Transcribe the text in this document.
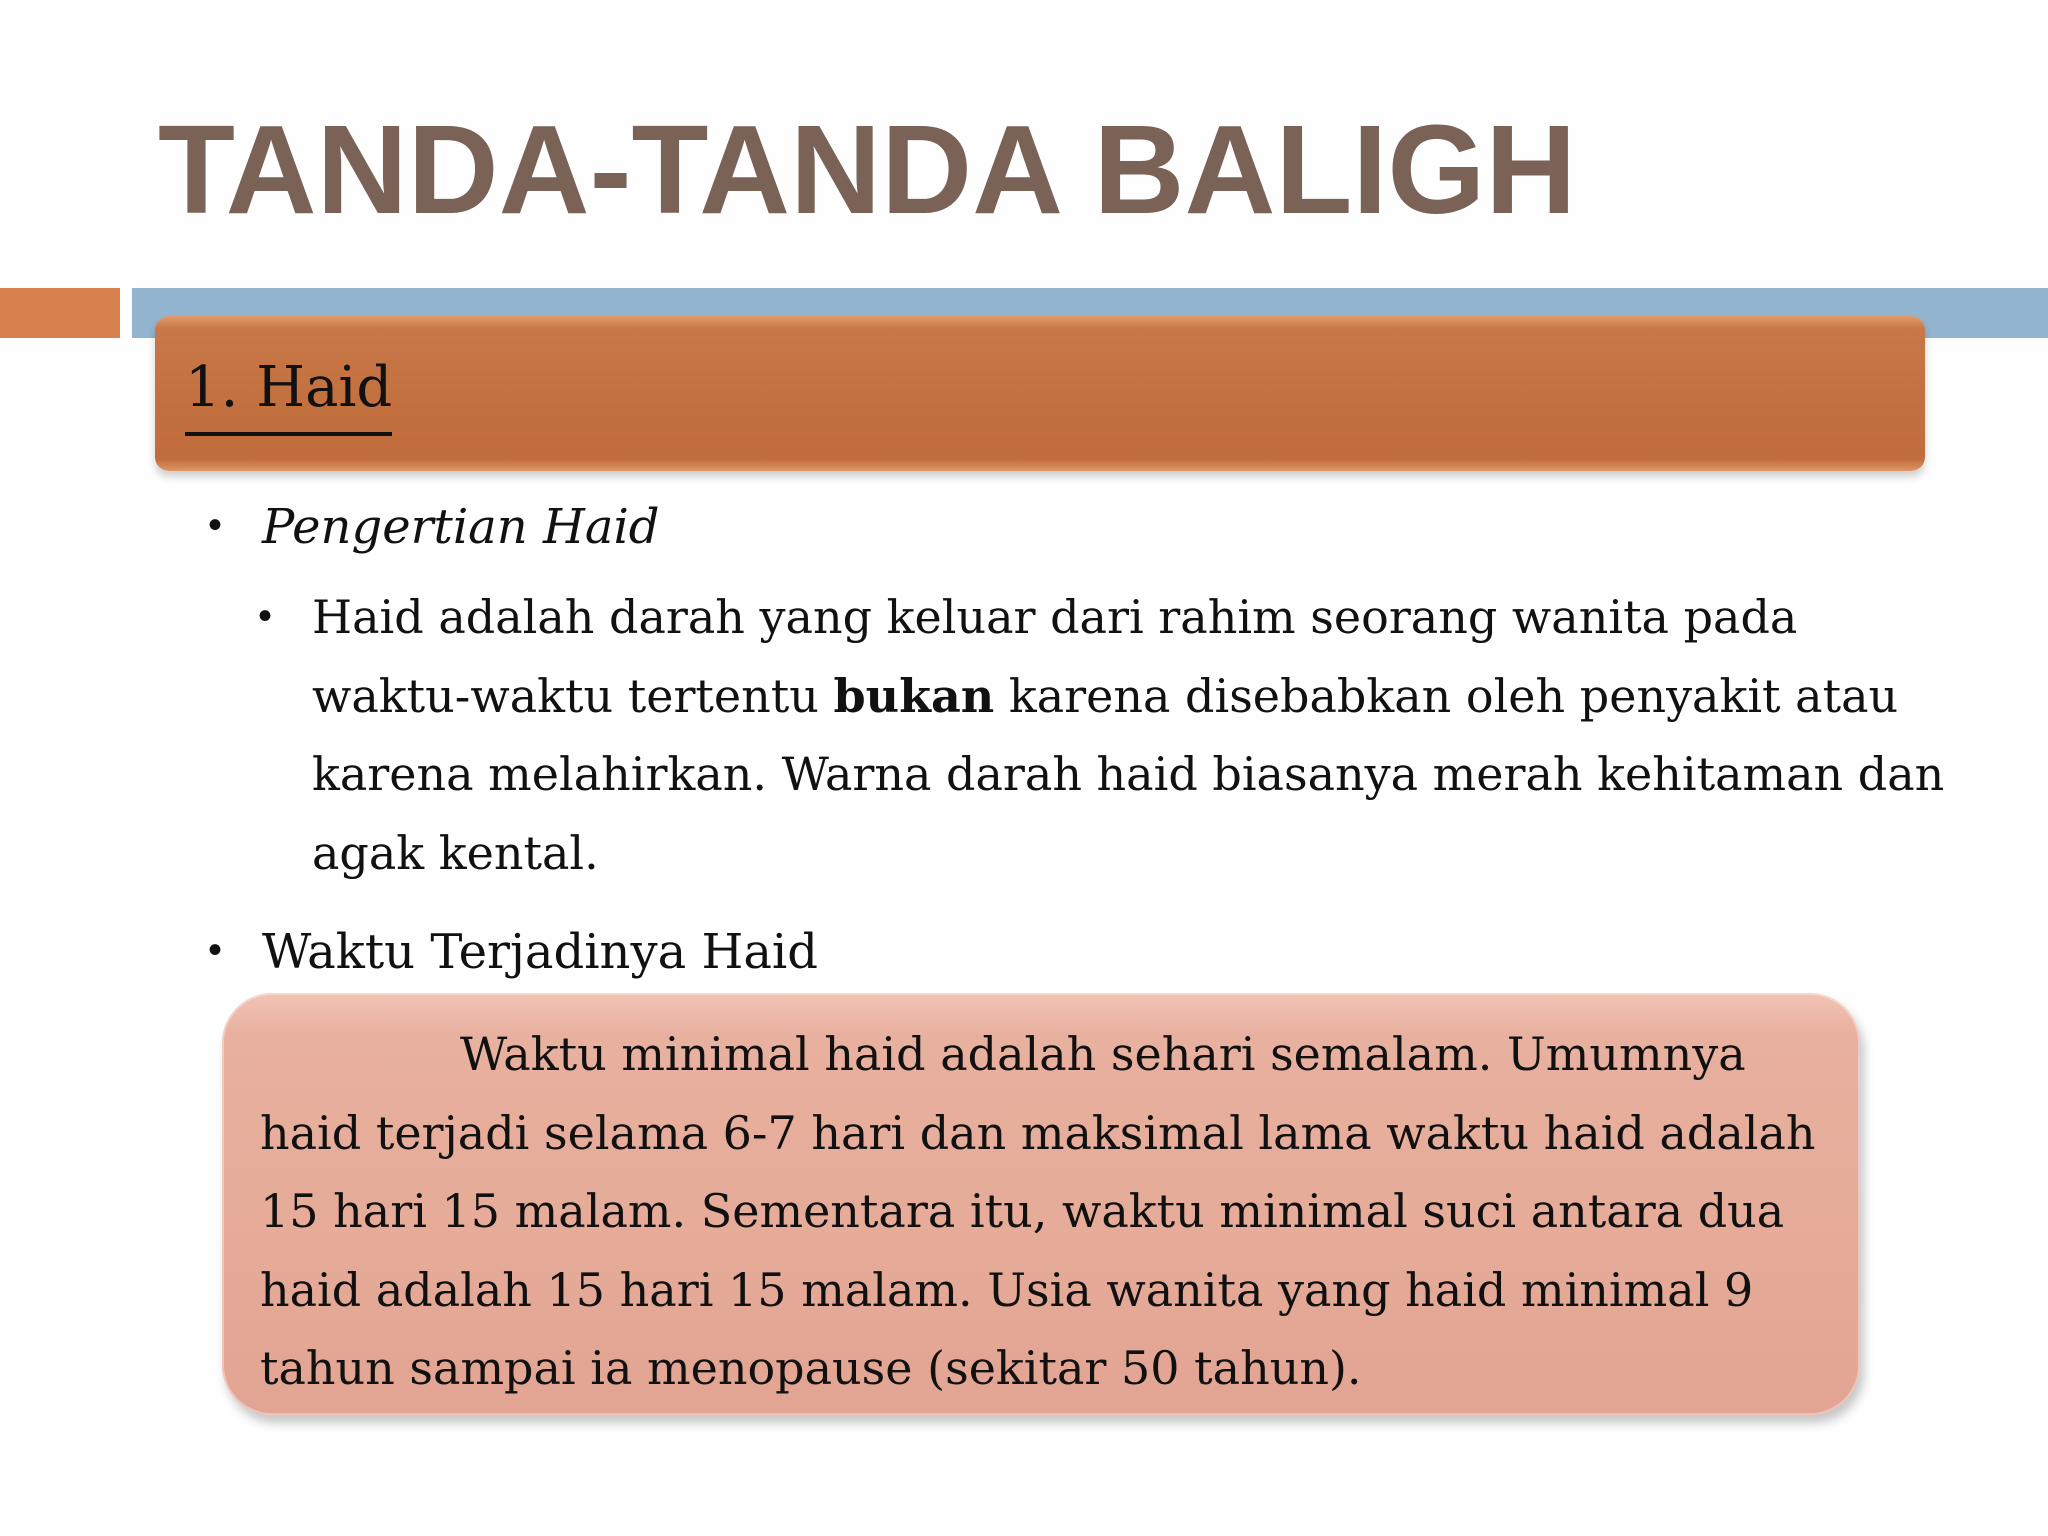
TANDA-TANDA BALIGH
1. Haid
• Pengertian Haid
• Haid adalah darah yang keluar dari rahim seorang wanita pada waktu-waktu tertentu bukan karena disebabkan oleh penyakit atau karena melahirkan. Warna darah haid biasanya merah kehitaman dan agak kental.

• Waktu Terjadinya Haid

Waktu minimal haid adalah sehari semalam. Umumnya haid terjadi selama 6-7 hari dan maksimal lama waktu haid adalah 15 hari 15 malam. Sementara itu, waktu minimal suci antara dua haid adalah 15 hari 15 malam. Usia wanita yang haid minimal 9 tahun sampai ia menopause (sekitar 50 tahun).
